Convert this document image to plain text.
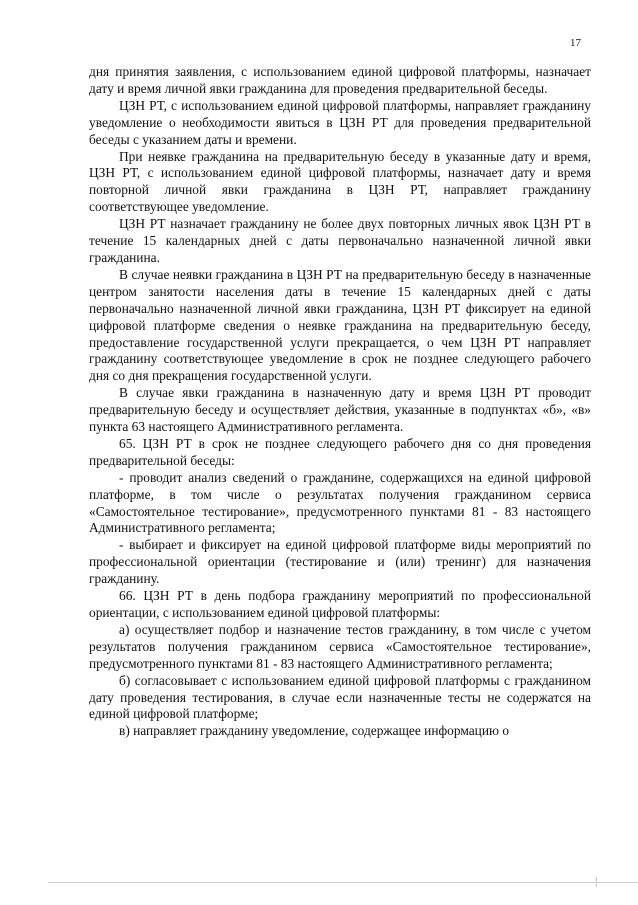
17

дня принятия заявления, с использованием единой цифровой платформы, назначает дату и время личной явки гражданина для проведения предварительной беседы.

ЦЗН РТ, с использованием единой цифровой платформы, направляет гражданину уведомление о необходимости явиться в ЦЗН РТ для проведения предварительной беседы с указанием даты и времени.

При неявке гражданина на предварительную беседу в указанные дату и время, ЦЗН РТ, с использованием единой цифровой платформы, назначает дату и время повторной личной явки гражданина в ЦЗН РТ, направляет гражданину соответствующее уведомление.

ЦЗН РТ назначает гражданину не более двух повторных личных явок ЦЗН РТ в течение 15 календарных дней с даты первоначально назначенной личной явки гражданина.

В случае неявки гражданина в ЦЗН РТ на предварительную беседу в назначенные центром занятости населения даты в течение 15 календарных дней с даты первоначально назначенной личной явки гражданина, ЦЗН РТ фиксирует на единой цифровой платформе сведения о неявке гражданина на предварительную беседу, предоставление государственной услуги прекращается, о чем ЦЗН РТ направляет гражданину соответствующее уведомление в срок не позднее следующего рабочего дня со дня прекращения государственной услуги.

В случае явки гражданина в назначенную дату и время ЦЗН РТ проводит предварительную беседу и осуществляет действия, указанные в подпунктах «б», «в» пункта 63 настоящего Административного регламента.

65. ЦЗН РТ в срок не позднее следующего рабочего дня со дня проведения предварительной беседы:

- проводит анализ сведений о гражданине, содержащихся на единой цифровой платформе, в том числе о результатах получения гражданином сервиса «Самостоятельное тестирование», предусмотренного пунктами 81 - 83 настоящего Административного регламента;

- выбирает и фиксирует на единой цифровой платформе виды мероприятий по профессиональной ориентации (тестирование и (или) тренинг) для назначения гражданину.

66. ЦЗН РТ в день подбора гражданину мероприятий по профессиональной ориентации, с использованием единой цифровой платформы:

а) осуществляет подбор и назначение тестов гражданину, в том числе с учетом результатов получения гражданином сервиса «Самостоятельное тестирование», предусмотренного пунктами 81 - 83 настоящего Административного регламента;

б) согласовывает с использованием единой цифровой платформы с гражданином дату проведения тестирования, в случае если назначенные тесты не содержатся на единой цифровой платформе;

в) направляет гражданину уведомление, содержащее информацию о
